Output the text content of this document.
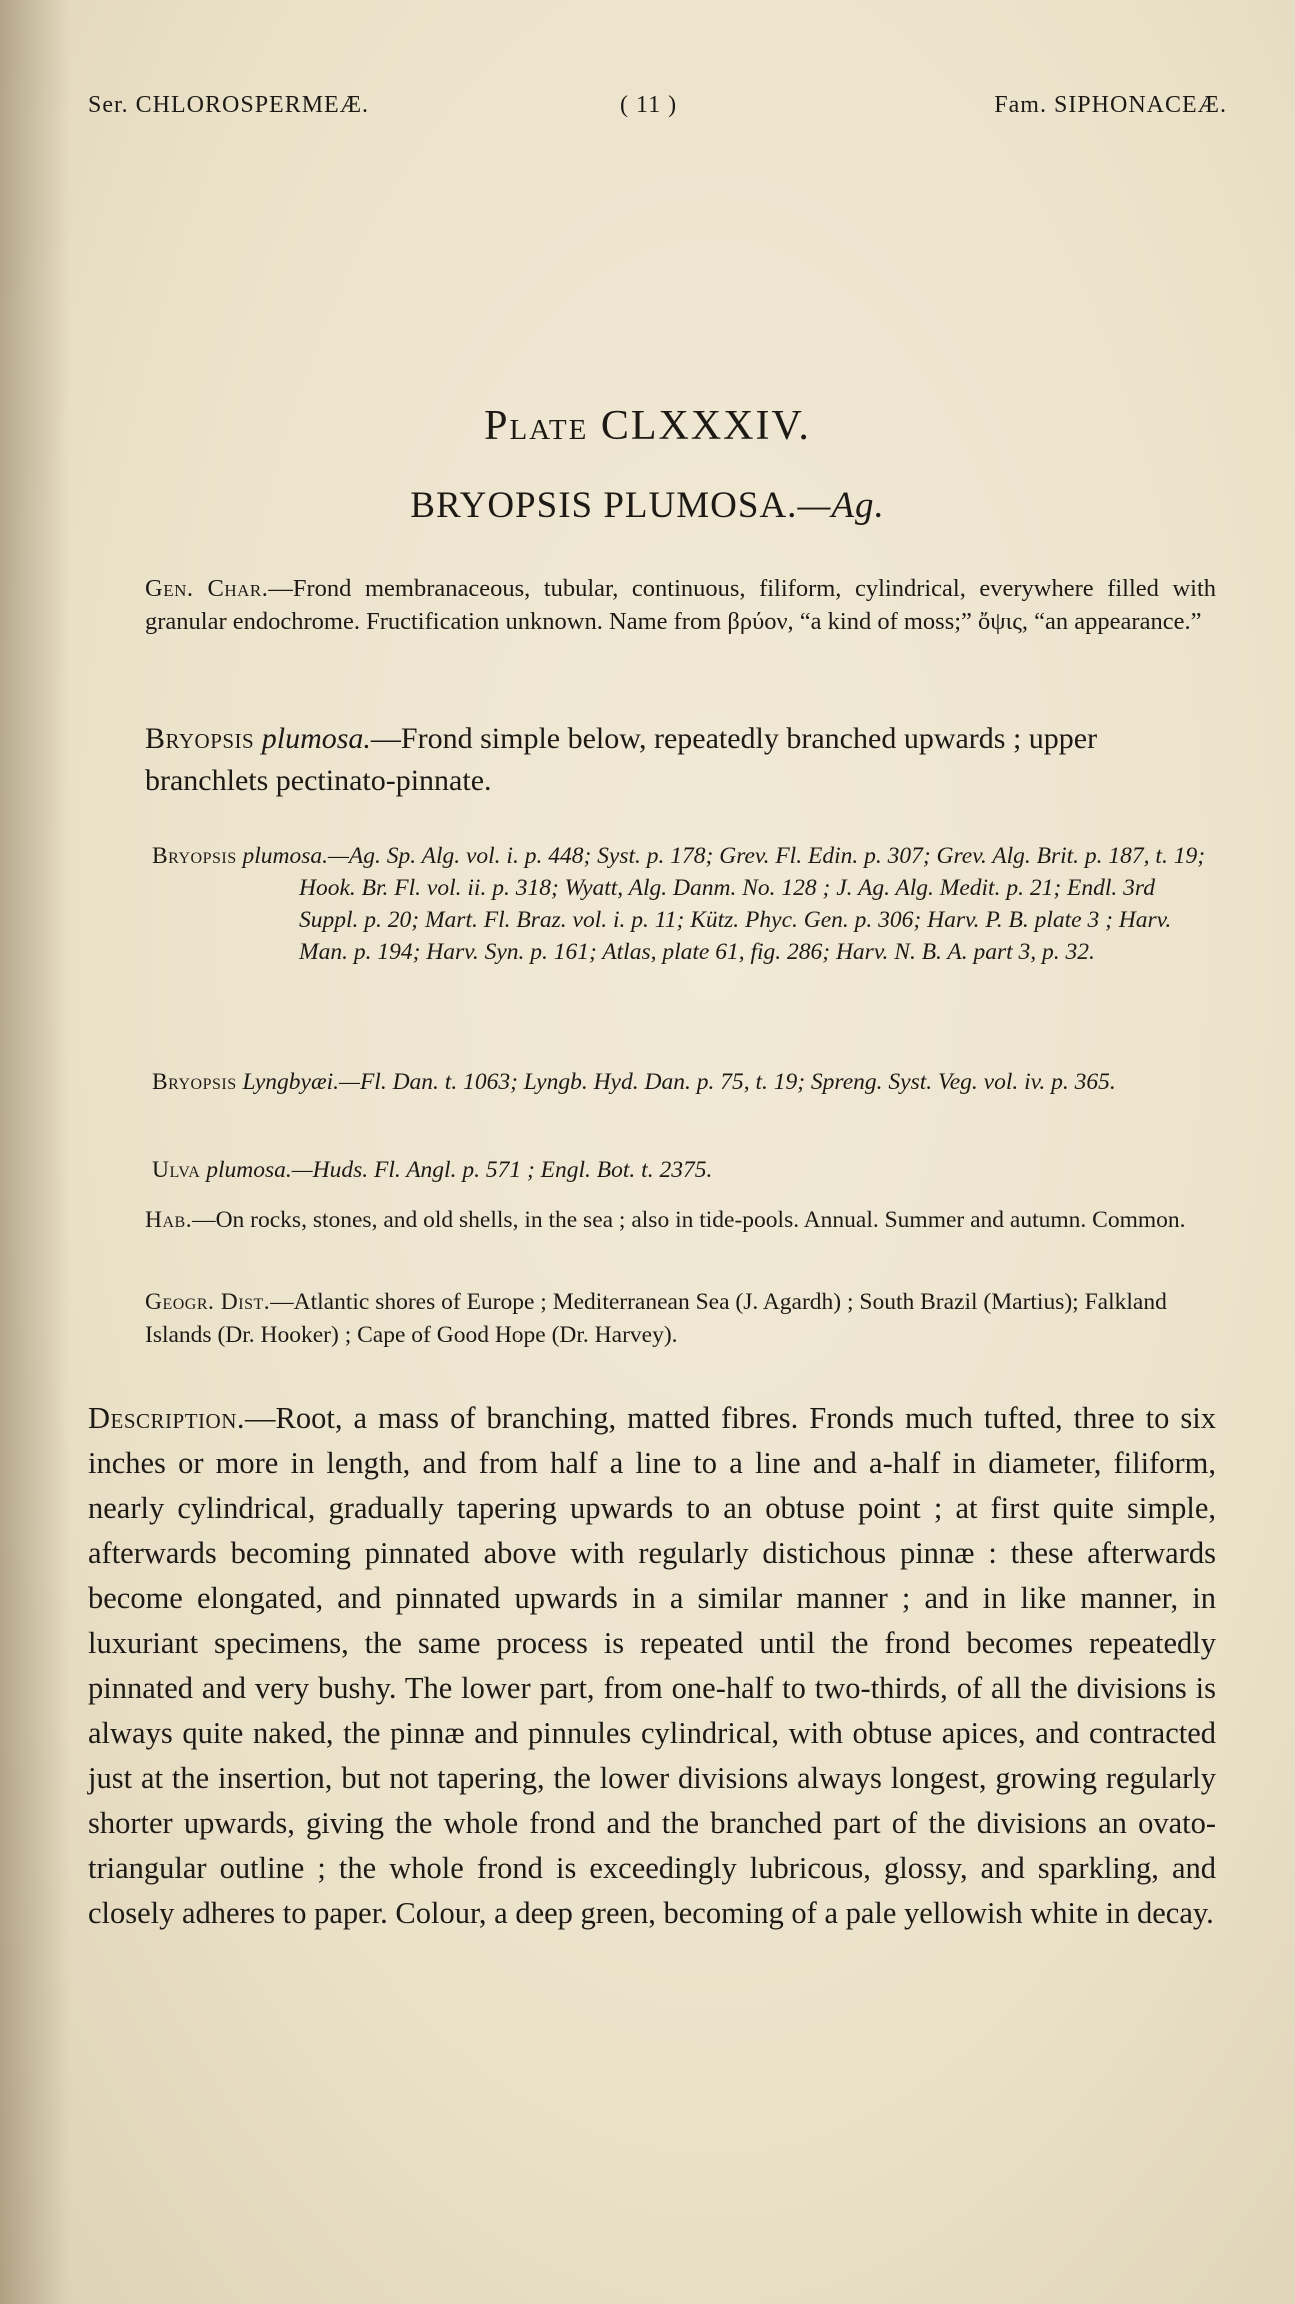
Ser. CHLOROSPERMEÆ.	( 11 )	Fam. SIPHONACEÆ.
Plate CLXXXIV.
BRYOPSIS PLUMOSA.—Ag.
Gen. Char.—Frond membranaceous, tubular, continuous, filiform, cylindrical, everywhere filled with granular endochrome. Fructification unknown. Name from βρύον, “a kind of moss;” ὄψις, “an appearance.”
Bryopsis plumosa.—Frond simple below, repeatedly branched upwards ; upper branchlets pectinato-pinnate.
Bryopsis plumosa.—Ag. Sp. Alg. vol. i. p. 448; Syst. p. 178; Grev. Fl. Edin. p. 307; Grev. Alg. Brit. p. 187, t. 19; Hook. Br. Fl. vol. ii. p. 318; Wyatt, Alg. Danm. No. 128 ; J. Ag. Alg. Medit. p. 21; Endl. 3rd Suppl. p. 20; Mart. Fl. Braz. vol. i. p. 11; Kütz. Phyc. Gen. p. 306; Harv. P. B. plate 3 ; Harv. Man. p. 194; Harv. Syn. p. 161; Atlas, plate 61, fig. 286; Harv. N. B. A. part 3, p. 32.
Bryopsis Lyngbyæi.—Fl. Dan. t. 1063; Lyngb. Hyd. Dan. p. 75, t. 19; Spreng. Syst. Veg. vol. iv. p. 365.
Ulva plumosa.—Huds. Fl. Angl. p. 571 ; Engl. Bot. t. 2375.
Hab.—On rocks, stones, and old shells, in the sea ; also in tide-pools. Annual. Summer and autumn. Common.
Geogr. Dist.—Atlantic shores of Europe ; Mediterranean Sea (J. Agardh) ; South Brazil (Martius); Falkland Islands (Dr. Hooker) ; Cape of Good Hope (Dr. Harvey).
Description.—Root, a mass of branching, matted fibres. Fronds much tufted, three to six inches or more in length, and from half a line to a line and a-half in diameter, filiform, nearly cylindrical, gradually tapering upwards to an obtuse point ; at first quite simple, afterwards becoming pinnated above with regularly distichous pinnæ : these afterwards become elongated, and pinnated upwards in a similar manner ; and in like manner, in luxuriant specimens, the same process is repeated until the frond becomes repeatedly pinnated and very bushy. The lower part, from one-half to two-thirds, of all the divisions is always quite naked, the pinnæ and pinnules cylindrical, with obtuse apices, and contracted just at the insertion, but not tapering, the lower divisions always longest, growing regularly shorter upwards, giving the whole frond and the branched part of the divisions an ovato-triangular outline ; the whole frond is exceedingly lubricous, glossy, and sparkling, and closely adheres to paper. Colour, a deep green, becoming of a pale yellowish white in decay.
